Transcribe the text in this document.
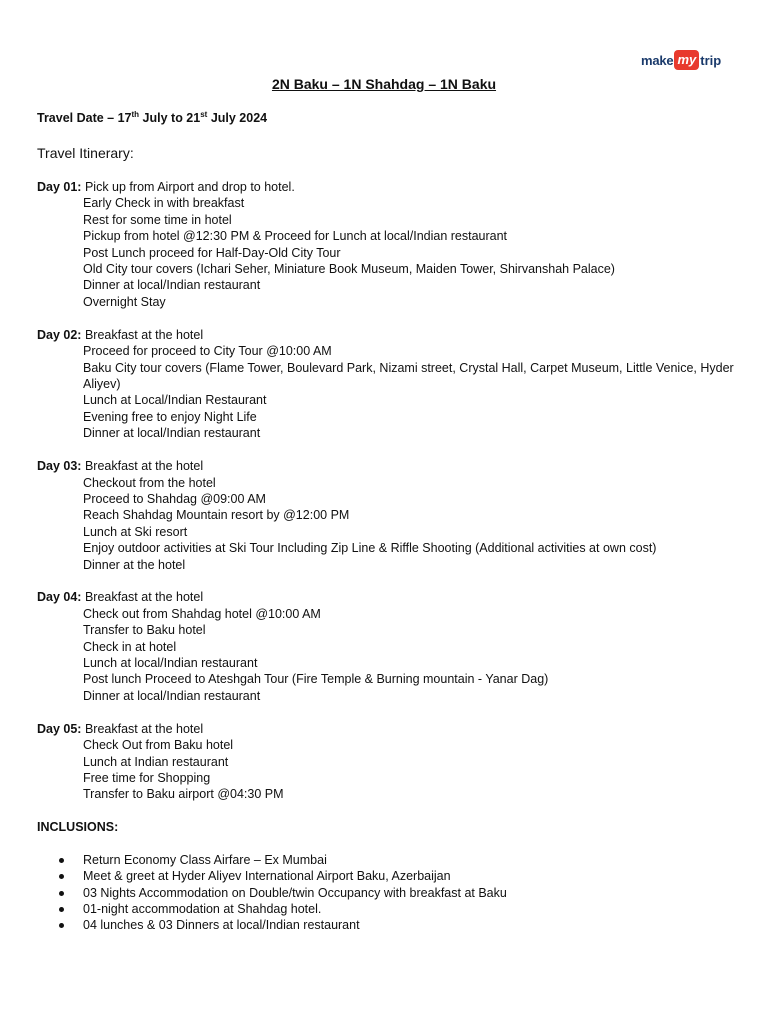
make my trip
2N Baku – 1N Shahdag – 1N Baku
Travel Date – 17th July to 21st July 2024
Travel Itinerary:
Day 01: Pick up from Airport and drop to hotel.
Early Check in with breakfast
Rest for some time in hotel
Pickup from hotel @12:30 PM & Proceed for Lunch at local/Indian restaurant
Post Lunch proceed for Half-Day-Old City Tour
Old City tour covers (Ichari Seher, Miniature Book Museum, Maiden Tower, Shirvanshah Palace)
Dinner at local/Indian restaurant
Overnight Stay
Day 02: Breakfast at the hotel
Proceed for proceed to City Tour @10:00 AM
Baku City tour covers (Flame Tower, Boulevard Park, Nizami street, Crystal Hall, Carpet Museum, Little Venice, Hyder Aliyev)
Lunch at Local/Indian Restaurant
Evening free to enjoy Night Life
Dinner at local/Indian restaurant
Day 03: Breakfast at the hotel
Checkout from the hotel
Proceed to Shahdag @09:00 AM
Reach Shahdag Mountain resort by @12:00 PM
Lunch at Ski resort
Enjoy outdoor activities at Ski Tour Including Zip Line & Riffle Shooting (Additional activities at own cost)
Dinner at the hotel
Day 04: Breakfast at the hotel
Check out from Shahdag hotel @10:00 AM
Transfer to Baku hotel
Check in at hotel
Lunch at local/Indian restaurant
Post lunch Proceed to Ateshgah Tour (Fire Temple & Burning mountain - Yanar Dag)
Dinner at local/Indian restaurant
Day 05: Breakfast at the hotel
Check Out from Baku hotel
Lunch at Indian restaurant
Free time for Shopping
Transfer to Baku airport @04:30 PM
INCLUSIONS:
Return Economy Class Airfare – Ex Mumbai
Meet & greet at Hyder Aliyev International Airport Baku, Azerbaijan
03 Nights Accommodation on Double/twin Occupancy with breakfast at Baku
01-night accommodation at Shahdag hotel.
04 lunches & 03 Dinners at local/Indian restaurant
